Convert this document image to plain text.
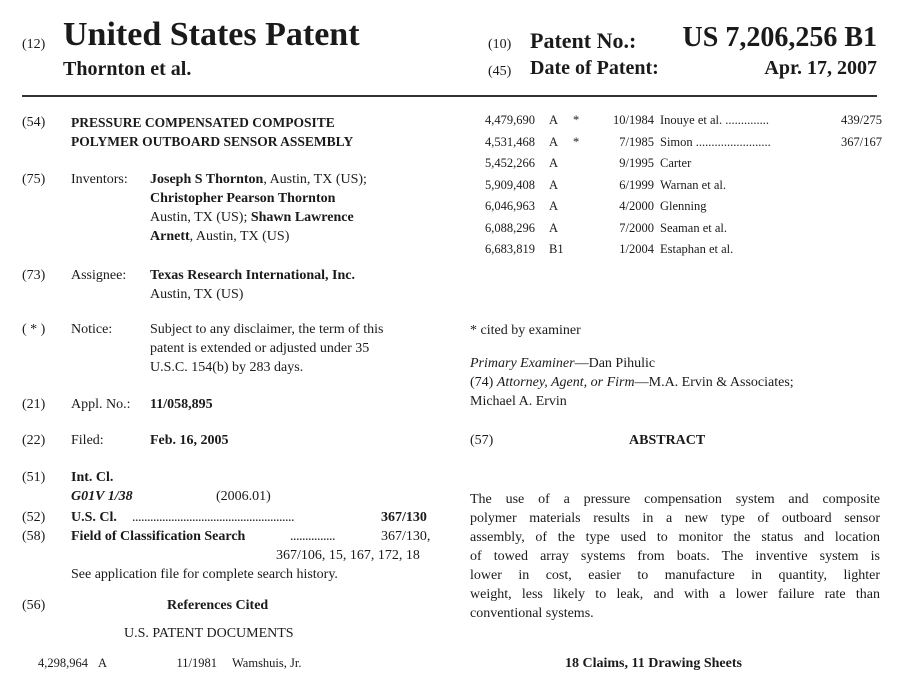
(12) United States Patent
Thornton et al.
(10) Patent No.: US 7,206,256 B1
(45) Date of Patent:	Apr. 17, 2007
(54) PRESSURE COMPENSATED COMPOSITE
POLYMER OUTBOARD SENSOR ASSEMBLY
(75) Inventors: Joseph S Thornton, Austin, TX (US);
Christopher Pearson Thornton
Austin, TX (US); Shawn Lawrence
Arnett, Austin, TX (US)
(73) Assignee: Texas Research International, Inc.
Austin, TX (US)
( * ) Notice:	Subject to any disclaimer, the term of this
patent is extended or adjusted under 35
U.S.C. 154(b) by 283 days.
(21) Appl. No.: 11/058,895
(22) Filed:	Feb. 16, 2005
(51) Int. Cl.
G01V 1/38	(2006.01)
(52) U.S. Cl. ......................................................	367/130
(58) Field of Classification Search	...............	367/130,
367/106, 15, 167, 172, 18
See application file for complete search history.
(56)	References Cited
U.S. PATENT DOCUMENTS
4,298,964 A	11/1981 Wamshuis, Jr.
4,479,690 A *	10/1984 Inouye et al. ..............	439/275
4,531,468 A *	7/1985 Simon ........................	367/167
5,452,266 A	9/1995 Carter
5,909,408 A	6/1999 Warnan et al.
6,046,963 A	4/2000 Glenning
6,088,296 A	7/2000 Seaman et al.
6,683,819 B1	1/2004 Estaphan et al.
* cited by examiner
Primary Examiner—Dan Pihulic
(74) Attorney, Agent, or Firm—M.A. Ervin & Associates;
Michael A. Ervin
(57)	ABSTRACT
The use of a pressure compensation system and composite
polymer materials results in a new type of outboard sensor
assembly, of the type used to monitor the status and location
of towed array systems from boats. The inventive system is
lower in cost, easier to manufacture in quantity, lighter
weight, less likely to leak, and with a lower failure rate than
conventional systems.
18 Claims, 11 Drawing Sheets
